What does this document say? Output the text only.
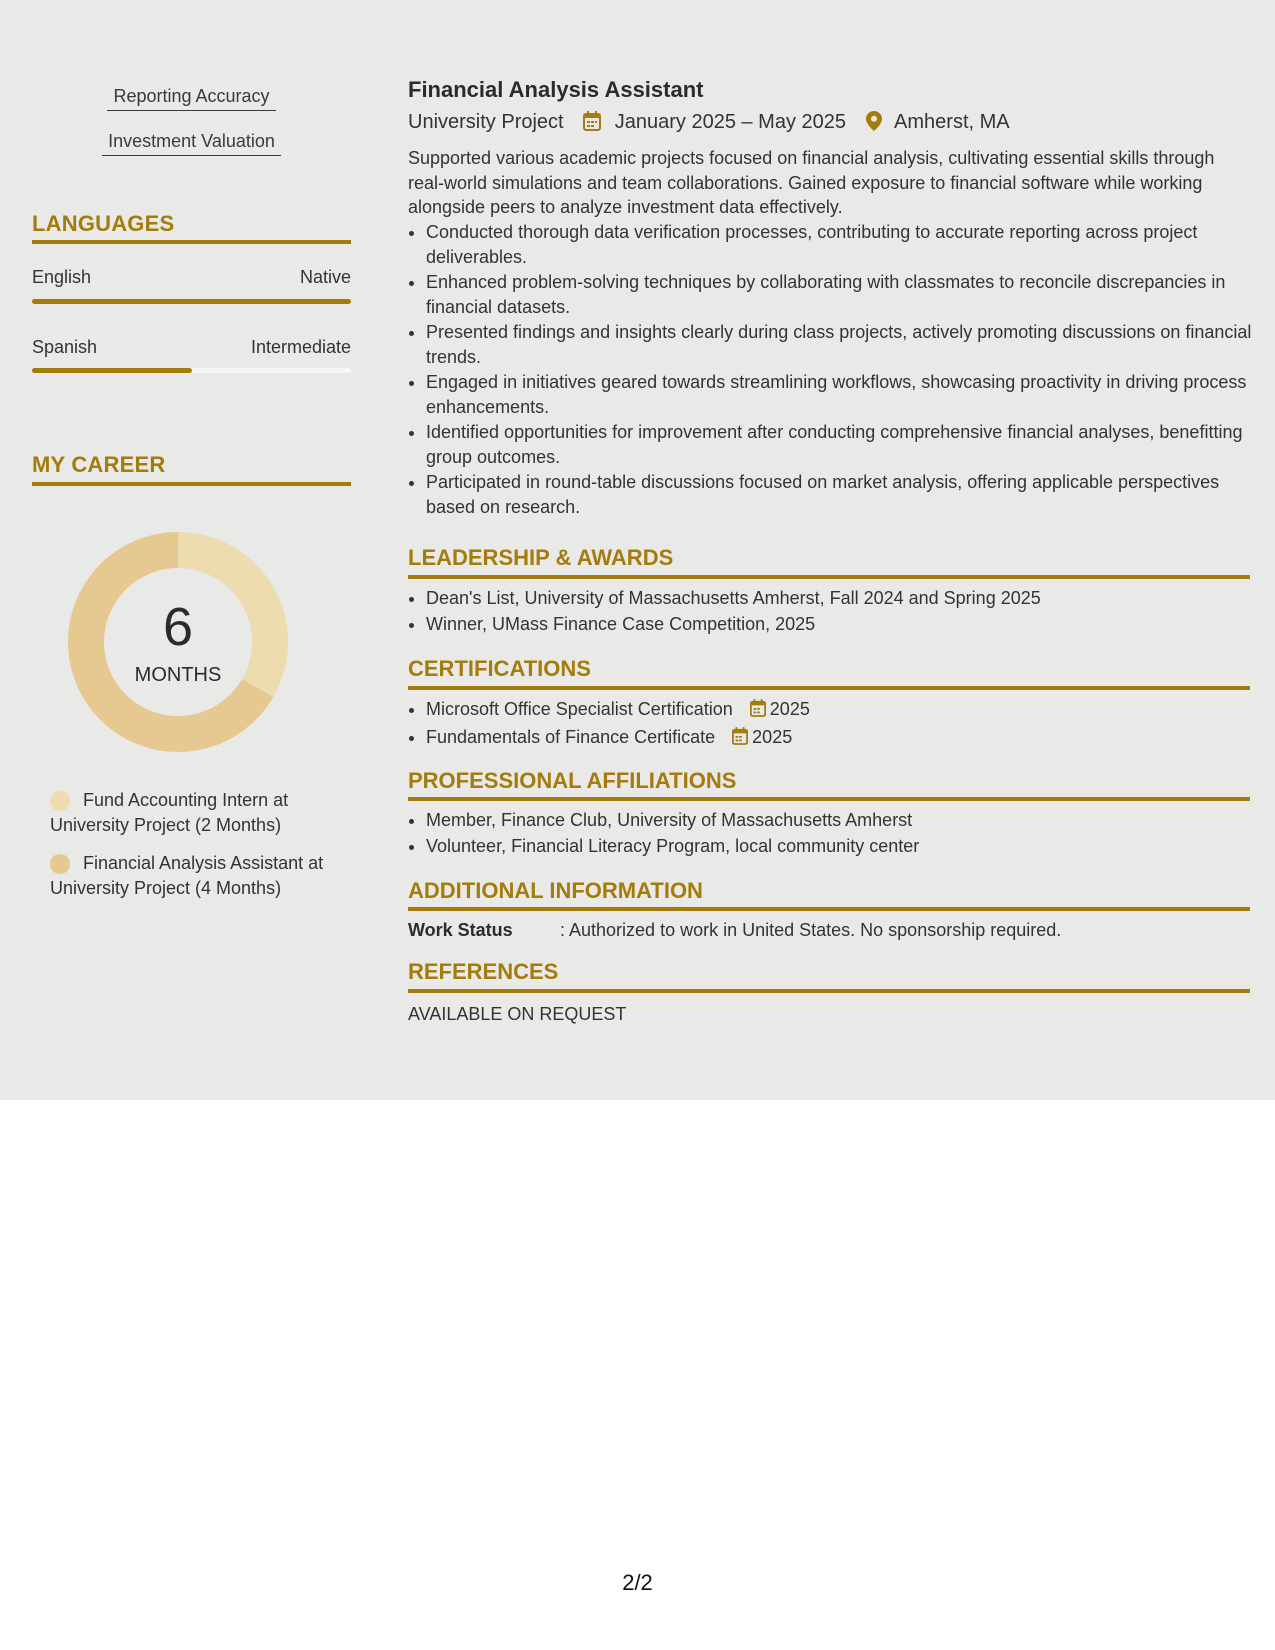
Reporting Accuracy
Investment Valuation
LANGUAGES
English	Native
Spanish	Intermediate
MY CAREER
6
MONTHS
Fund Accounting Intern at University Project (2 Months)
Financial Analysis Assistant at University Project (4 Months)
Financial Analysis Assistant
University Project	January 2025 – May 2025 Amherst, MA
Supported various academic projects focused on financial analysis, cultivating essential skills through real-world simulations and team collaborations. Gained exposure to financial software while working alongside peers to analyze investment data effectively.
• Conducted thorough data verification processes, contributing to accurate reporting across project deliverables.
• Enhanced problem-solving techniques by collaborating with classmates to reconcile discrepancies in financial datasets.
• Presented findings and insights clearly during class projects, actively promoting discussions on financial trends.
• Engaged in initiatives geared towards streamlining workflows, showcasing proactivity in driving process enhancements.
• Identified opportunities for improvement after conducting comprehensive financial analyses, benefitting group outcomes.
• Participated in round-table discussions focused on market analysis, offering applicable perspectives based on research.
LEADERSHIP & AWARDS
• Dean's List, University of Massachusetts Amherst, Fall 2024 and Spring 2025
• Winner, UMass Finance Case Competition, 2025
CERTIFICATIONS
• Microsoft Office Specialist Certification 2025
• Fundamentals of Finance Certificate 2025
PROFESSIONAL AFFILIATIONS
• Member, Finance Club, University of Massachusetts Amherst
• Volunteer, Financial Literacy Program, local community center
ADDITIONAL INFORMATION
Work Status	: Authorized to work in United States. No sponsorship required.
REFERENCES
AVAILABLE ON REQUEST
2/2
